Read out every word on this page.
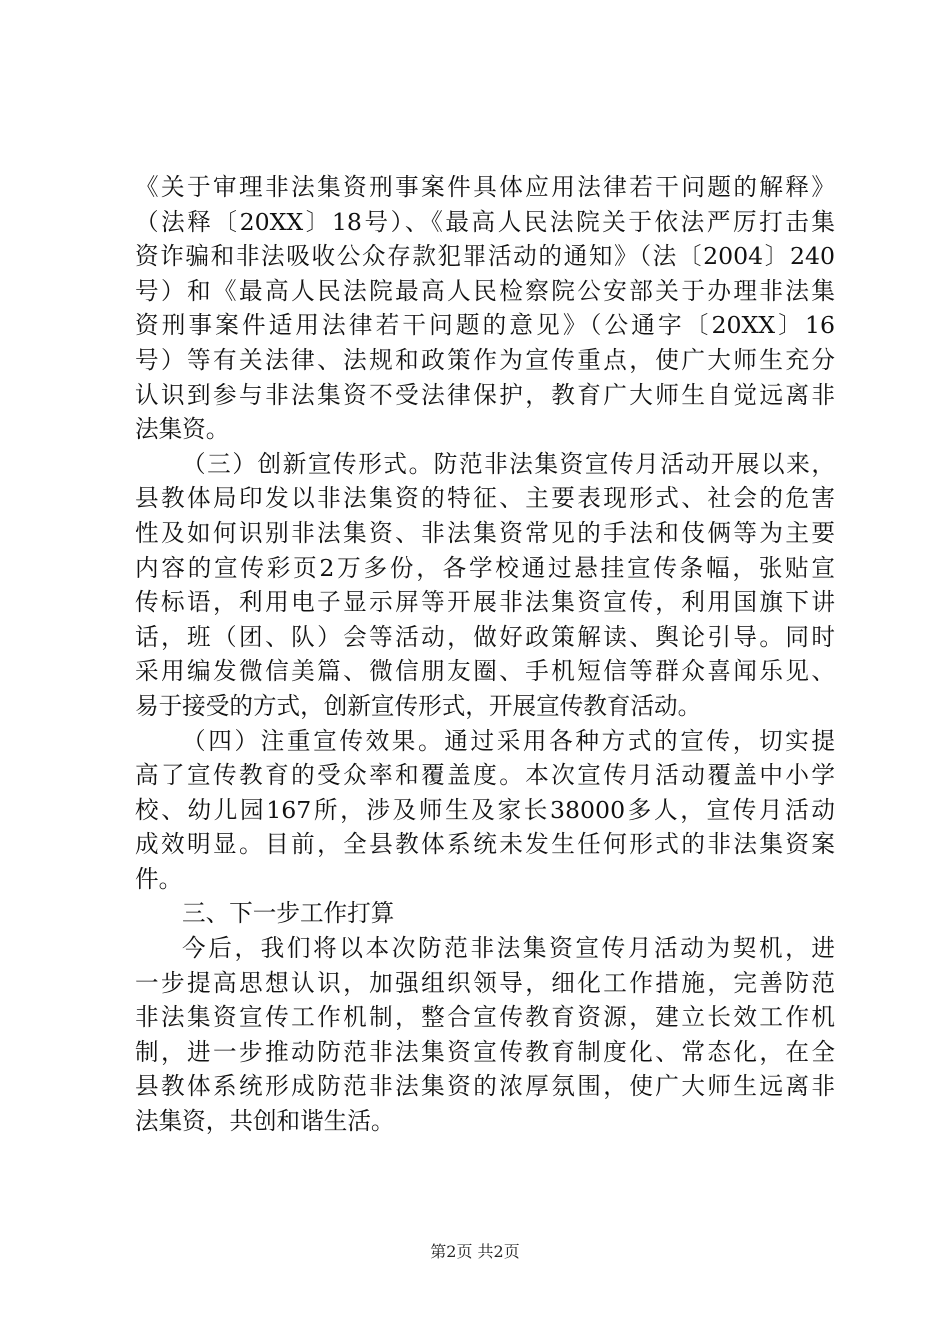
《关于审理非法集资刑事案件具体应用法律若干问题的解释》
（法释〔20XX〕18号）、《最高人民法院关于依法严厉打击集
资诈骗和非法吸收公众存款犯罪活动的通知》（法〔2004〕240
号）和《最高人民法院最高人民检察院公安部关于办理非法集
资刑事案件适用法律若干问题的意见》（公通字〔20XX〕16
号）等有关法律、法规和政策作为宣传重点，使广大师生充分
认识到参与非法集资不受法律保护，教育广大师生自觉远离非
法集资。
（三）创新宣传形式。防范非法集资宣传月活动开展以来，
县教体局印发以非法集资的特征、主要表现形式、社会的危害
性及如何识别非法集资、非法集资常见的手法和伎俩等为主要
内容的宣传彩页2万多份，各学校通过悬挂宣传条幅，张贴宣
传标语，利用电子显示屏等开展非法集资宣传，利用国旗下讲
话，班（团、队）会等活动，做好政策解读、舆论引导。同时
采用编发微信美篇、微信朋友圈、手机短信等群众喜闻乐见、
易于接受的方式，创新宣传形式，开展宣传教育活动。
（四）注重宣传效果。通过采用各种方式的宣传，切实提
高了宣传教育的受众率和覆盖度。本次宣传月活动覆盖中小学
校、幼儿园167所，涉及师生及家长38000多人，宣传月活动
成效明显。目前，全县教体系统未发生任何形式的非法集资案
件。
三、下一步工作打算
今后，我们将以本次防范非法集资宣传月活动为契机，进
一步提高思想认识，加强组织领导，细化工作措施，完善防范
非法集资宣传工作机制，整合宣传教育资源，建立长效工作机
制，进一步推动防范非法集资宣传教育制度化、常态化，在全
县教体系统形成防范非法集资的浓厚氛围，使广大师生远离非
法集资，共创和谐生活。
第2页 共2页
